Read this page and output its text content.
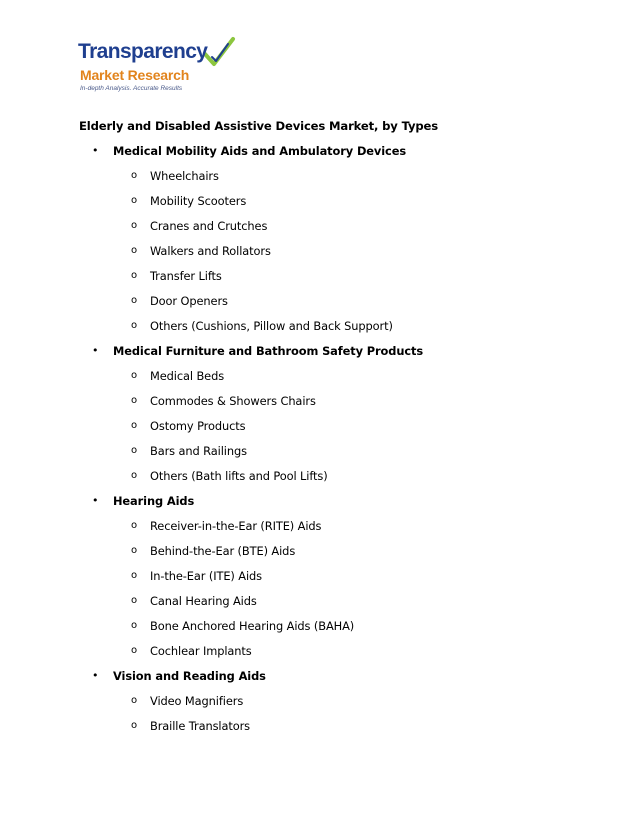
Transparency
Market Research
In-depth Analysis. Accurate Results
Elderly and Disabled Assistive Devices Market, by Types
• Medical Mobility Aids and Ambulatory Devices
o Wheelchairs
o Mobility Scooters
o Cranes and Crutches
o Walkers and Rollators
o Transfer Lifts
o Door Openers
o Others (Cushions, Pillow and Back Support)
• Medical Furniture and Bathroom Safety Products
o Medical Beds
o Commodes & Showers Chairs
o Ostomy Products
o Bars and Railings
o Others (Bath lifts and Pool Lifts)
• Hearing Aids
o Receiver-in-the-Ear (RITE) Aids
o Behind-the-Ear (BTE) Aids
o In-the-Ear (ITE) Aids
o Canal Hearing Aids
o Bone Anchored Hearing Aids (BAHA)
o Cochlear Implants
• Vision and Reading Aids
o Video Magnifiers
o Braille Translators
